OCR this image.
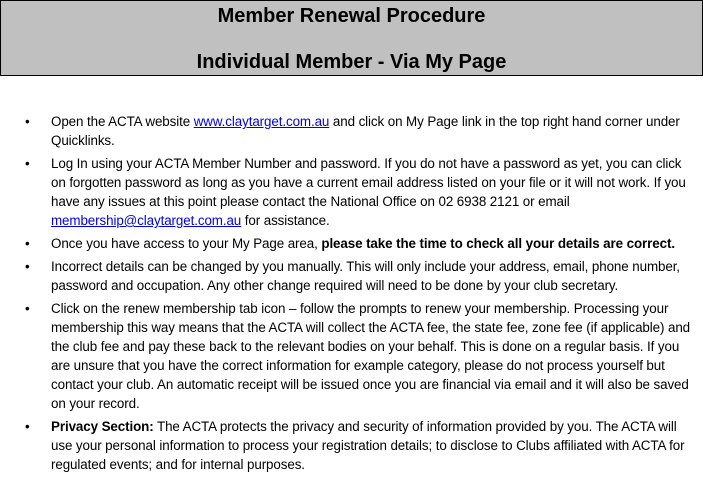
Member Renewal Procedure
Individual Member - Via My Page
• Open the ACTA website www.claytarget.com.au and click on My Page link in the top right hand corner under Quicklinks.
• Log In using your ACTA Member Number and password. If you do not have a password as yet, you can click on forgotten password as long as you have a current email address listed on your file or it will not work. If you have any issues at this point please contact the National Office on 02 6938 2121 or email membership@claytarget.com.au for assistance.
• Once you have access to your My Page area, please take the time to check all your details are correct.
• Incorrect details can be changed by you manually. This will only include your address, email, phone number, password and occupation. Any other change required will need to be done by your club secretary.
• Click on the renew membership tab icon – follow the prompts to renew your membership. Processing your membership this way means that the ACTA will collect the ACTA fee, the state fee, zone fee (if applicable) and the club fee and pay these back to the relevant bodies on your behalf. This is done on a regular basis. If you are unsure that you have the correct information for example category, please do not process yourself but contact your club. An automatic receipt will be issued once you are financial via email and it will also be saved on your record.
• Privacy Section: The ACTA protects the privacy and security of information provided by you. The ACTA will use your personal information to process your registration details; to disclose to Clubs affiliated with ACTA for regulated events; and for internal purposes.
